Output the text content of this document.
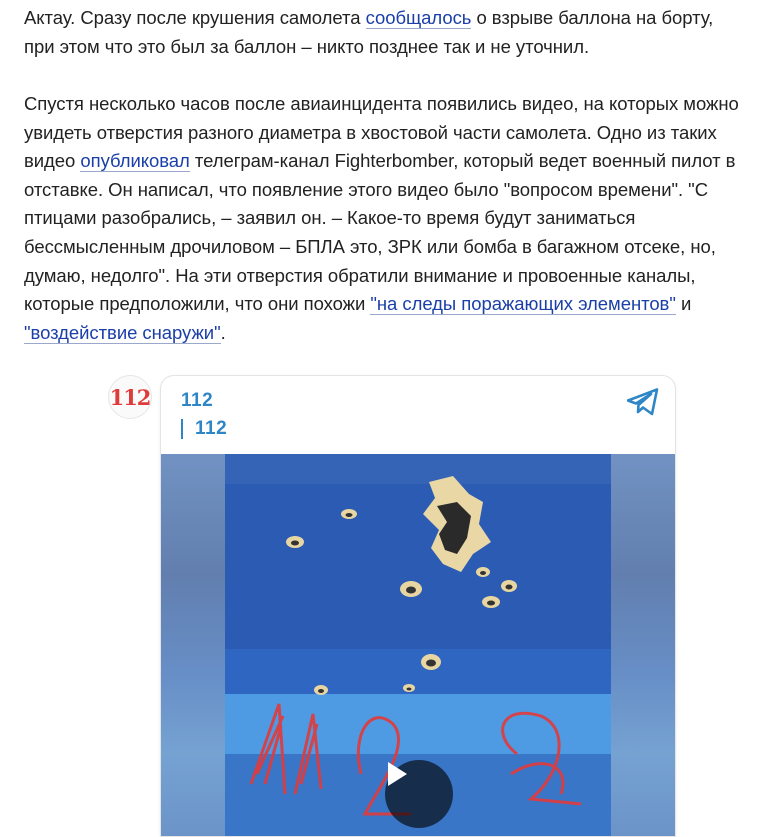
Актау. Сразу после крушения самолета сообщалось о взрыве баллона на борту, при этом что это был за баллон – никто позднее так и не уточнил.

Спустя несколько часов после авиаинцидента появились видео, на которых можно увидеть отверстия разного диаметра в хвостовой части самолета. Одно из таких видео опубликовал телеграм-канал Fighterbomber, который ведет военный пилот в отставке. Он написал, что появление этого видео было "вопросом времени". "С птицами разобрались, – заявил он. – Какое-то время будут заниматься бессмысленным дрочиловом – БПЛА это, ЗРК или бомба в багажном отсеке, но, думаю, недолго". На эти отверстия обратили внимание и провоенные каналы, которые предположили, что они похожи "на следы поражающих элементов" и "воздействие снаружи".

112 112
112
